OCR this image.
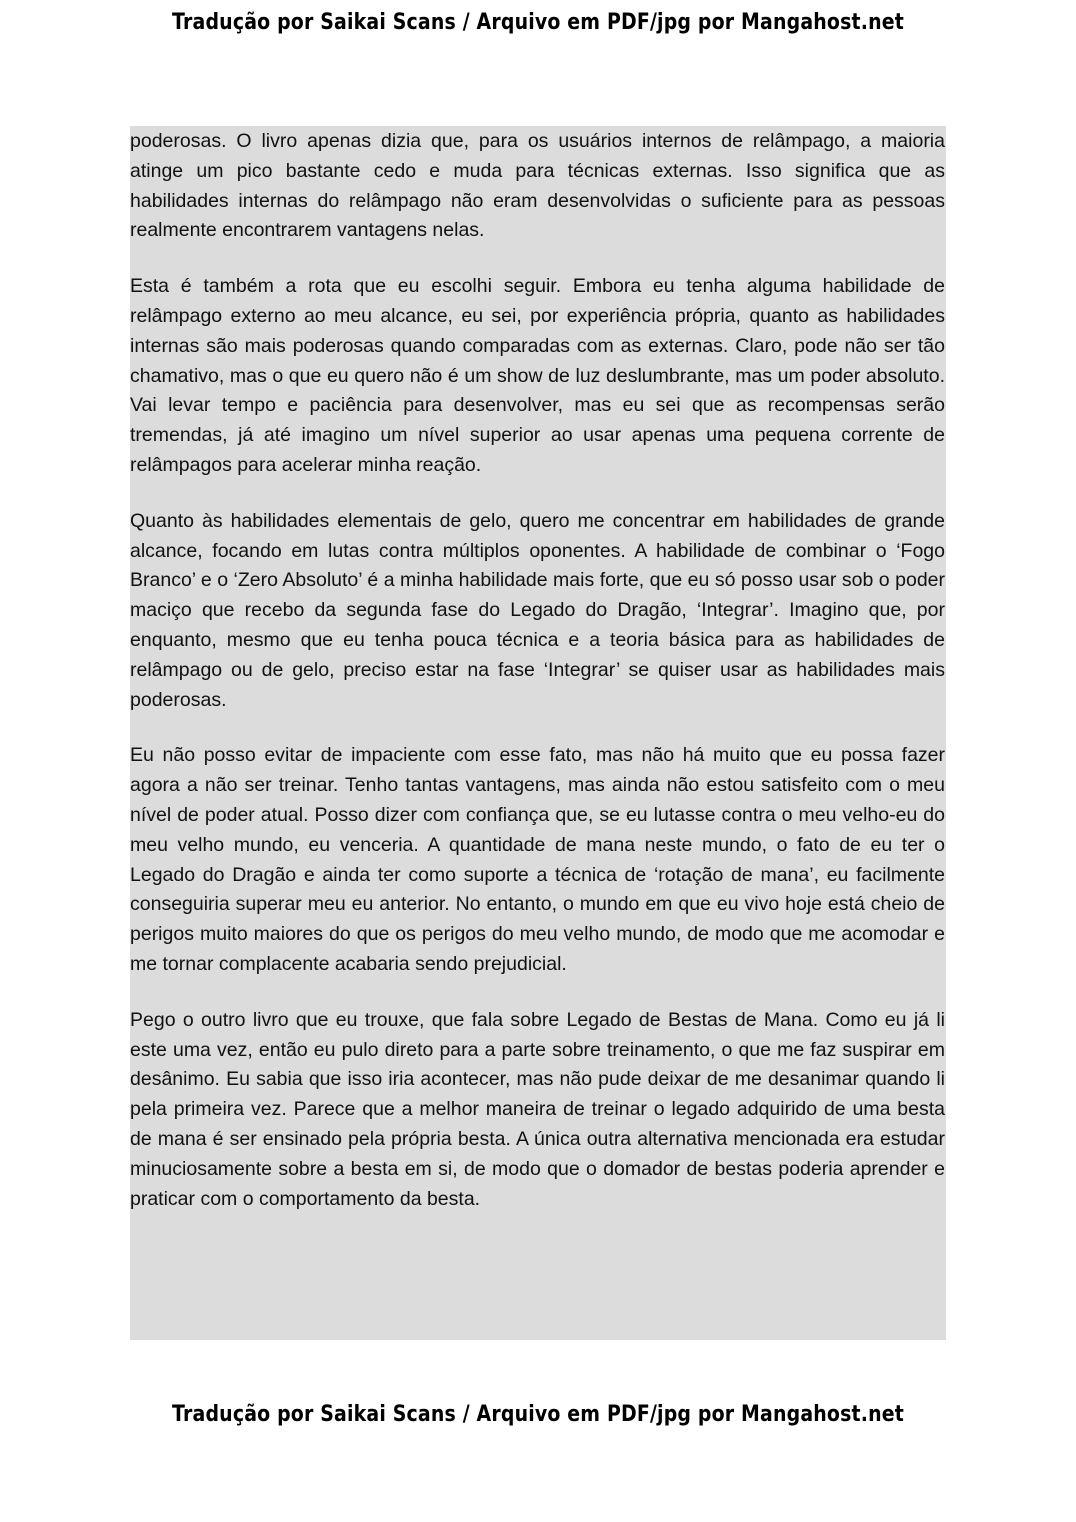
Tradução por Saikai Scans / Arquivo em PDF/jpg por Mangahost.net

poderosas. O livro apenas dizia que, para os usuários internos de relâmpago, a maioria atinge um pico bastante cedo e muda para técnicas externas. Isso significa que as habilidades internas do relâmpago não eram desenvolvidas o suficiente para as pessoas realmente encontrarem vantagens nelas.

Esta é também a rota que eu escolhi seguir. Embora eu tenha alguma habilidade de relâmpago externo ao meu alcance, eu sei, por experiência própria, quanto as habilidades internas são mais poderosas quando comparadas com as externas. Claro, pode não ser tão chamativo, mas o que eu quero não é um show de luz deslumbrante, mas um poder absoluto. Vai levar tempo e paciência para desenvolver, mas eu sei que as recompensas serão tremendas, já até imagino um nível superior ao usar apenas uma pequena corrente de relâmpagos para acelerar minha reação.

Quanto às habilidades elementais de gelo, quero me concentrar em habilidades de grande alcance, focando em lutas contra múltiplos oponentes. A habilidade de combinar o ‘Fogo Branco’ e o ‘Zero Absoluto’ é a minha habilidade mais forte, que eu só posso usar sob o poder maciço que recebo da segunda fase do Legado do Dragão, ‘Integrar’. Imagino que, por enquanto, mesmo que eu tenha pouca técnica e a teoria básica para as habilidades de relâmpago ou de gelo, preciso estar na fase ‘Integrar’ se quiser usar as habilidades mais poderosas.

Eu não posso evitar de impaciente com esse fato, mas não há muito que eu possa fazer agora a não ser treinar. Tenho tantas vantagens, mas ainda não estou satisfeito com o meu nível de poder atual. Posso dizer com confiança que, se eu lutasse contra o meu velho-eu do meu velho mundo, eu venceria. A quantidade de mana neste mundo, o fato de eu ter o Legado do Dragão e ainda ter como suporte a técnica de ‘rotação de mana’, eu facilmente conseguiria superar meu eu anterior. No entanto, o mundo em que eu vivo hoje está cheio de perigos muito maiores do que os perigos do meu velho mundo, de modo que me acomodar e me tornar complacente acabaria sendo prejudicial.

Pego o outro livro que eu trouxe, que fala sobre Legado de Bestas de Mana. Como eu já li este uma vez, então eu pulo direto para a parte sobre treinamento, o que me faz suspirar em desânimo. Eu sabia que isso iria acontecer, mas não pude deixar de me desanimar quando li pela primeira vez. Parece que a melhor maneira de treinar o legado adquirido de uma besta de mana é ser ensinado pela própria besta. A única outra alternativa mencionada era estudar minuciosamente sobre a besta em si, de modo que o domador de bestas poderia aprender e praticar com o comportamento da besta.

Tradução por Saikai Scans / Arquivo em PDF/jpg por Mangahost.net
